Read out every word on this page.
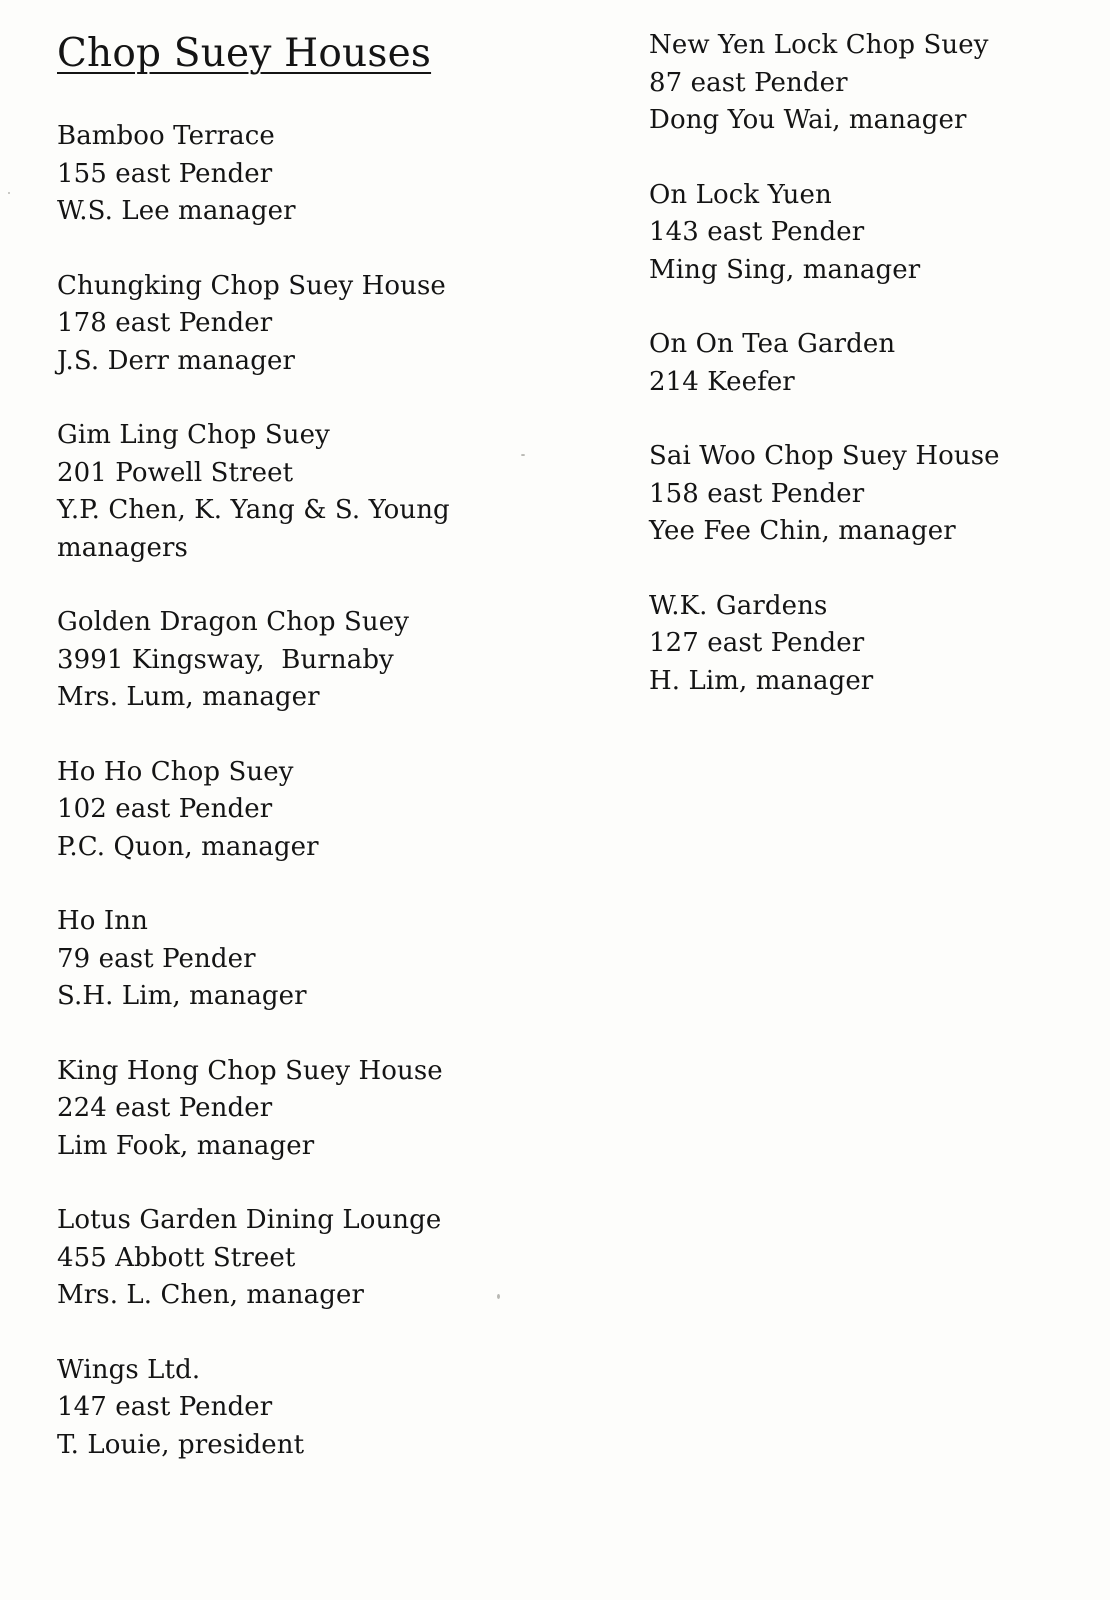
Chop Suey Houses
Bamboo Terrace
155 east Pender
W.S. Lee manager
Chungking Chop Suey House
178 east Pender
J.S. Derr manager
Gim Ling Chop Suey
201 Powell Street
Y.P. Chen, K. Yang & S. Young
managers
Golden Dragon Chop Suey
3991 Kingsway,  Burnaby
Mrs. Lum, manager
Ho Ho Chop Suey
102 east Pender
P.C. Quon, manager
Ho Inn
79 east Pender
S.H. Lim, manager
King Hong Chop Suey House
224 east Pender
Lim Fook, manager
Lotus Garden Dining Lounge
455 Abbott Street
Mrs. L. Chen, manager
Wings Ltd.
147 east Pender
T. Louie, president
New Yen Lock Chop Suey
87 east Pender
Dong You Wai, manager
On Lock Yuen
143 east Pender
Ming Sing, manager
On On Tea Garden
214 Keefer
Sai Woo Chop Suey House
158 east Pender
Yee Fee Chin, manager
W.K. Gardens
127 east Pender
H. Lim, manager
